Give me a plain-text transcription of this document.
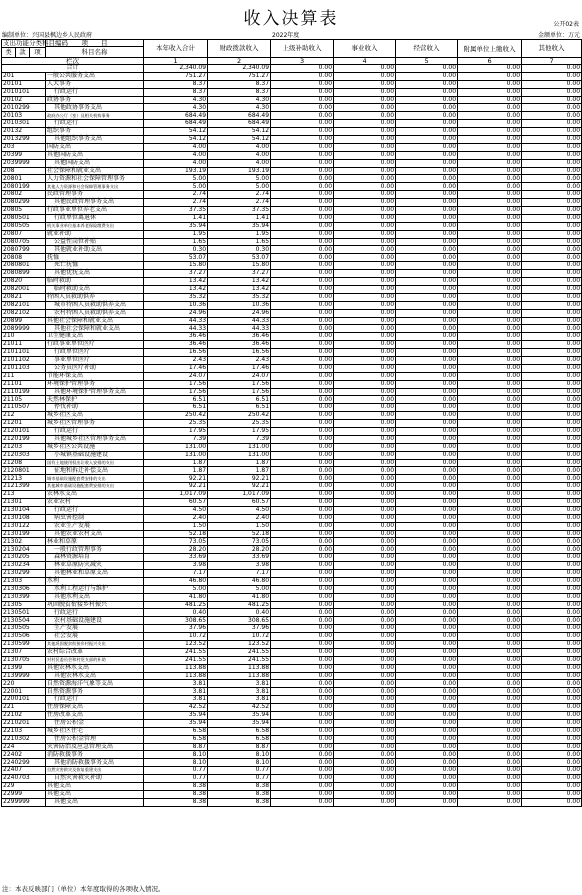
收入决算表	公开02表
编制单位：兴国县枫边乡人民政府	2022年度	金额单位：万元
支出功能分类科目编码			项　　目	本年收入合计	财政拨款收入	上级补助收入	事业收入	经营收入	附属单位上缴收入	其他收入
			科目名称							
类	款	项								
栏次				1	2	3	4	5	6	7
合计				2,340.09	2,340.09	0.00	0.00	0.00	0.00	0.00
201			一般公共服务支出	751.27	751.27	0.00	0.00	0.00	0.00	0.00
20101			人大事务	8.37	8.37	0.00	0.00	0.00	0.00	0.00
2010101			行政运行	8.37	8.37	0.00	0.00	0.00	0.00	0.00
20102			政协事务	4.30	4.30	0.00	0.00	0.00	0.00	0.00
2010299			其他政协事务支出	4.30	4.30	0.00	0.00	0.00	0.00	0.00
20103			政府办公厅（室）及相关机构事务	684.49	684.49	0.00	0.00	0.00	0.00	0.00
2010301			行政运行	684.49	684.49	0.00	0.00	0.00	0.00	0.00
20132			组织事务	54.12	54.12	0.00	0.00	0.00	0.00	0.00
2013299			其他组织事务支出	54.12	54.12	0.00	0.00	0.00	0.00	0.00
203			国防支出	4.00	4.00	0.00	0.00	0.00	0.00	0.00
20399			其他国防支出	4.00	4.00	0.00	0.00	0.00	0.00	0.00
2039999			其他国防支出	4.00	4.00	0.00	0.00	0.00	0.00	0.00
208			社会保障和就业支出	193.19	193.19	0.00	0.00	0.00	0.00	0.00
20801			人力资源和社会保障管理事务	5.00	5.00	0.00	0.00	0.00	0.00	0.00
2080199			其他人力资源和社会保障管理事务支出	5.00	5.00	0.00	0.00	0.00	0.00	0.00
20802			民政管理事务	2.74	2.74	0.00	0.00	0.00	0.00	0.00
2080299			其他民政管理事务支出	2.74	2.74	0.00	0.00	0.00	0.00	0.00
20805			行政事业单位养老支出	37.35	37.35	0.00	0.00	0.00	0.00	0.00
2080501			行政单位离退休	1.41	1.41	0.00	0.00	0.00	0.00	0.00
2080505			机关事业单位基本养老保险缴费支出	35.94	35.94	0.00	0.00	0.00	0.00	0.00
20807			就业补助	1.95	1.95	0.00	0.00	0.00	0.00	0.00
2080705			公益性岗位补贴	1.65	1.65	0.00	0.00	0.00	0.00	0.00
2080799			其他就业补助支出	0.30	0.30	0.00	0.00	0.00	0.00	0.00
20808			抚恤	53.07	53.07	0.00	0.00	0.00	0.00	0.00
2080801			死亡抚恤	15.80	15.80	0.00	0.00	0.00	0.00	0.00
2080899			其他优抚支出	37.27	37.27	0.00	0.00	0.00	0.00	0.00
20820			临时救助	13.42	13.42	0.00	0.00	0.00	0.00	0.00
2082001			临时救助支出	13.42	13.42	0.00	0.00	0.00	0.00	0.00
20821			特困人员救助供养	35.32	35.32	0.00	0.00	0.00	0.00	0.00
2082101			城市特困人员救助供养支出	10.36	10.36	0.00	0.00	0.00	0.00	0.00
2082102			农村特困人员救助供养支出	24.96	24.96	0.00	0.00	0.00	0.00	0.00
20899			其他社会保障和就业支出	44.33	44.33	0.00	0.00	0.00	0.00	0.00
2089999			其他社会保障和就业支出	44.33	44.33	0.00	0.00	0.00	0.00	0.00
210			卫生健康支出	36.46	36.46	0.00	0.00	0.00	0.00	0.00
21011			行政事业单位医疗	36.46	36.46	0.00	0.00	0.00	0.00	0.00
2101101			行政单位医疗	16.56	16.56	0.00	0.00	0.00	0.00	0.00
2101102			事业单位医疗	2.43	2.43	0.00	0.00	0.00	0.00	0.00
2101103			公务员医疗补助	17.46	17.46	0.00	0.00	0.00	0.00	0.00
211			节能环保支出	24.07	24.07	0.00	0.00	0.00	0.00	0.00
21101			环境保护管理事务	17.56	17.56	0.00	0.00	0.00	0.00	0.00
2110199			其他环境保护管理事务支出	17.56	17.56	0.00	0.00	0.00	0.00	0.00
21105			天然林保护	6.51	6.51	0.00	0.00	0.00	0.00	0.00
2110507			停伐补助	6.51	6.51	0.00	0.00	0.00	0.00	0.00
212			城乡社区支出	250.42	250.42	0.00	0.00	0.00	0.00	0.00
21201			城乡社区管理事务	25.35	25.35	0.00	0.00	0.00	0.00	0.00
2120101			行政运行	17.95	17.95	0.00	0.00	0.00	0.00	0.00
2120199			其他城乡社区管理事务支出	7.39	7.39	0.00	0.00	0.00	0.00	0.00
21203			城乡社区公共设施	131.00	131.00	0.00	0.00	0.00	0.00	0.00
2120303			小城镇基础设施建设	131.00	131.00	0.00	0.00	0.00	0.00	0.00
21208			国有土地使用权出让收入安排的支出	1.87	1.87	0.00	0.00	0.00	0.00	0.00
2120801			征地和拆迁补偿支出	1.87	1.87	0.00	0.00	0.00	0.00	0.00
21213			城市基础设施配套费安排的支出	92.21	92.21	0.00	0.00	0.00	0.00	0.00
2121399			其他城市基础设施配套费安排的支出	92.21	92.21	0.00	0.00	0.00	0.00	0.00
213			农林水支出	1,017.09	1,017.09	0.00	0.00	0.00	0.00	0.00
21301			农业农村	60.57	60.57	0.00	0.00	0.00	0.00	0.00
2130104			行政运行	4.50	4.50	0.00	0.00	0.00	0.00	0.00
2130108			病虫害控制	2.40	2.40	0.00	0.00	0.00	0.00	0.00
2130122			农业生产发展	1.50	1.50	0.00	0.00	0.00	0.00	0.00
2130199			其他农业农村支出	52.18	52.18	0.00	0.00	0.00	0.00	0.00
21302			林业和草原	73.05	73.05	0.00	0.00	0.00	0.00	0.00
2130204			一般行政管理事务	28.20	28.20	0.00	0.00	0.00	0.00	0.00
2130205			森林资源培育	33.69	33.69	0.00	0.00	0.00	0.00	0.00
2130234			林业草原防灾减灾	3.98	3.98	0.00	0.00	0.00	0.00	0.00
2130299			其他林业和草原支出	7.17	7.17	0.00	0.00	0.00	0.00	0.00
21303			水利	46.80	46.80	0.00	0.00	0.00	0.00	0.00
2130306			水利工程运行与维护	5.00	5.00	0.00	0.00	0.00	0.00	0.00
2130399			其他水利支出	41.80	41.80	0.00	0.00	0.00	0.00	0.00
21305			巩固脱贫衔接乡村振兴	481.25	481.25	0.00	0.00	0.00	0.00	0.00
2130501			行政运行	0.40	0.40	0.00	0.00	0.00	0.00	0.00
2130504			农村基础设施建设	308.65	308.65	0.00	0.00	0.00	0.00	0.00
2130505			生产发展	37.96	37.96	0.00	0.00	0.00	0.00	0.00
2130506			社会发展	10.72	10.72	0.00	0.00	0.00	0.00	0.00
2130599			其他巩固脱贫衔接乡村振兴支出	123.52	123.52	0.00	0.00	0.00	0.00	0.00
21307			农村综合改革	241.55	241.55	0.00	0.00	0.00	0.00	0.00
2130705			对村民委员会和村党支部的补助	241.55	241.55	0.00	0.00	0.00	0.00	0.00
21399			其他农林水支出	113.88	113.88	0.00	0.00	0.00	0.00	0.00
2139999			其他农林水支出	113.88	113.88	0.00	0.00	0.00	0.00	0.00
220			自然资源海洋气象等支出	3.81	3.81	0.00	0.00	0.00	0.00	0.00
22001			自然资源事务	3.81	3.81	0.00	0.00	0.00	0.00	0.00
2200101			行政运行	3.81	3.81	0.00	0.00	0.00	0.00	0.00
221			住房保障支出	42.52	42.52	0.00	0.00	0.00	0.00	0.00
22102			住房改革支出	35.94	35.94	0.00	0.00	0.00	0.00	0.00
2210201			住房公积金	35.94	35.94	0.00	0.00	0.00	0.00	0.00
22103			城乡社区住宅	6.58	6.58	0.00	0.00	0.00	0.00	0.00
2210302			住房公积金管理	6.58	6.58	0.00	0.00	0.00	0.00	0.00
224			灾害防治及应急管理支出	8.87	8.87	0.00	0.00	0.00	0.00	0.00
22402			消防救援事务	8.10	8.10	0.00	0.00	0.00	0.00	0.00
2240299			其他消防救援事务支出	8.10	8.10	0.00	0.00	0.00	0.00	0.00
22407			自然灾害救灾及恢复重建支出	0.77	0.77	0.00	0.00	0.00	0.00	0.00
2240703			自然灾害救灾补助	0.77	0.77	0.00	0.00	0.00	0.00	0.00
229			其他支出	8.38	8.38	0.00	0.00	0.00	0.00	0.00
22999			其他支出	8.38	8.38	0.00	0.00	0.00	0.00	0.00
2299999			其他支出	8.38	8.38	0.00	0.00	0.00	0.00	0.00
注：本表反映部门（单位）本年度取得的各项收入情况。
